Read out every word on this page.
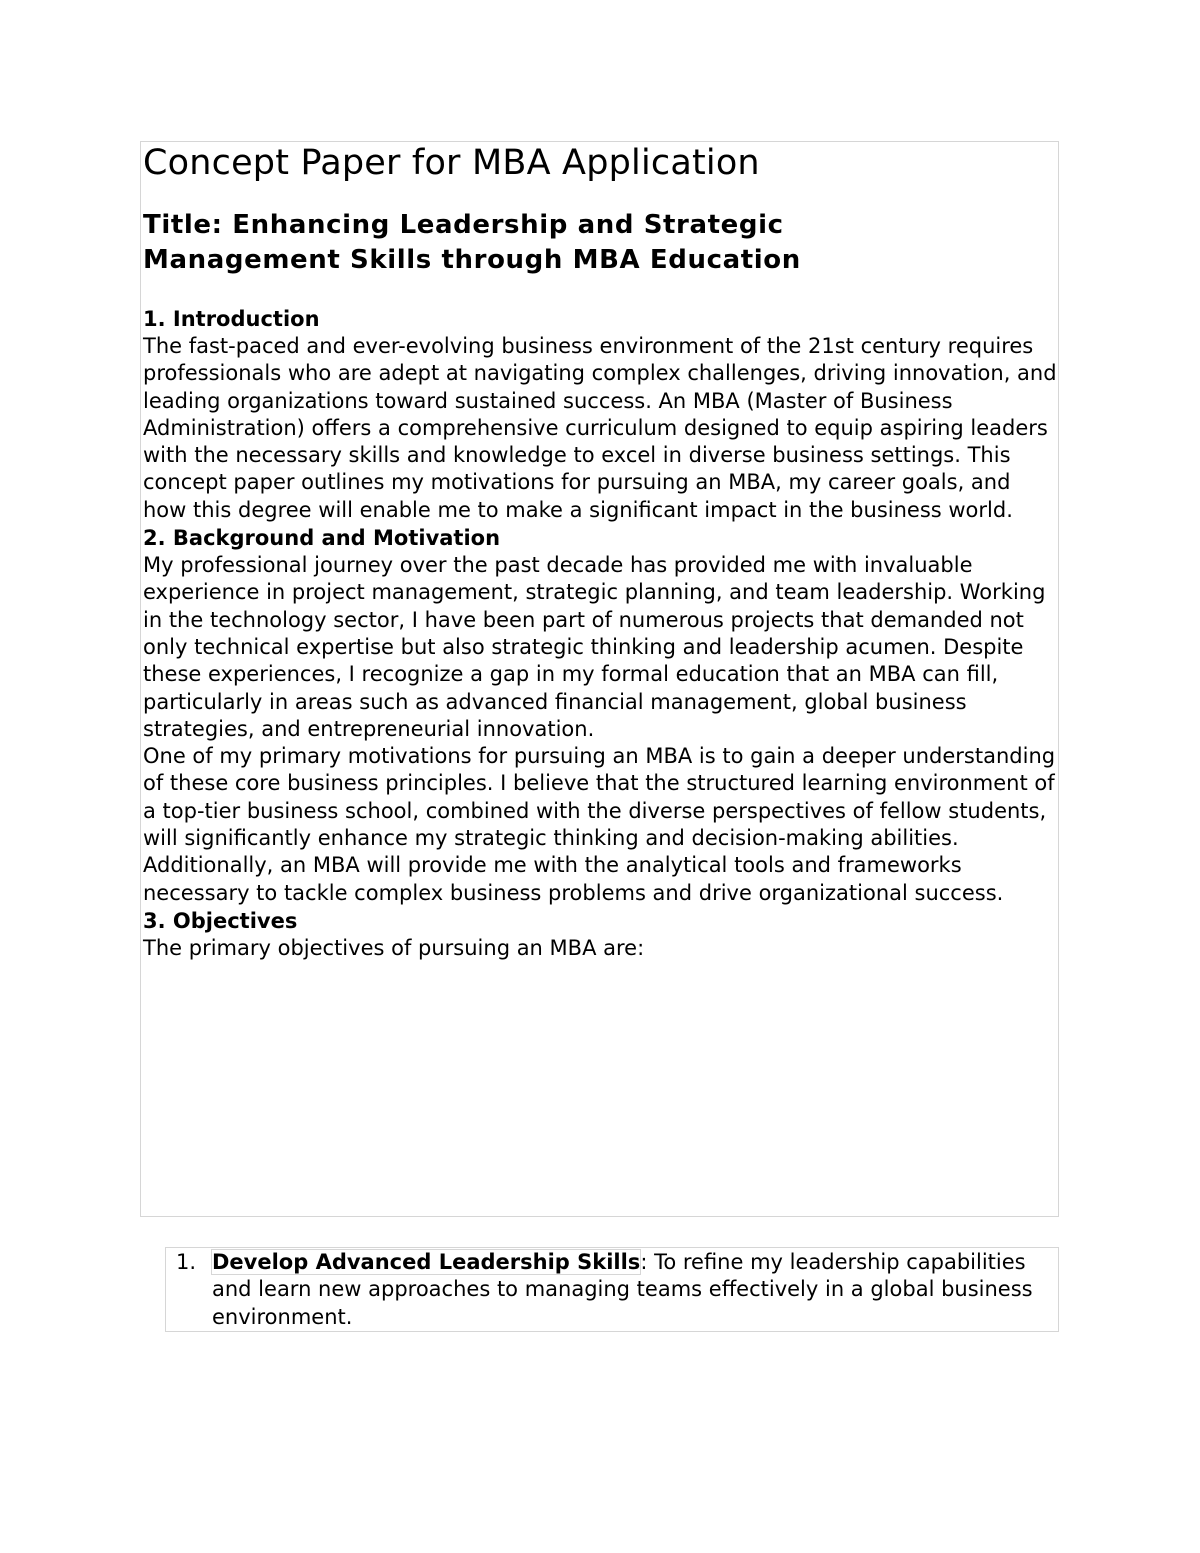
Concept Paper for MBA Application
Title: Enhancing Leadership and Strategic
Management Skills through MBA Education
1. Introduction

The fast-paced and ever-evolving business environment of the 21st century requires professionals who are adept at navigating complex challenges, driving innovation, and leading organizations toward sustained success. An MBA (Master of Business Administration) offers a comprehensive curriculum designed to equip aspiring leaders with the necessary skills and knowledge to excel in diverse business settings. This concept paper outlines my motivations for pursuing an MBA, my career goals, and how this degree will enable me to make a significant impact in the business world.

2. Background and Motivation

My professional journey over the past decade has provided me with invaluable experience in project management, strategic planning, and team leadership. Working in the technology sector, I have been part of numerous projects that demanded not only technical expertise but also strategic thinking and leadership acumen. Despite these experiences, I recognize a gap in my formal education that an MBA can fill, particularly in areas such as advanced financial management, global business strategies, and entrepreneurial innovation.

One of my primary motivations for pursuing an MBA is to gain a deeper understanding of these core business principles. I believe that the structured learning environment of a top-tier business school, combined with the diverse perspectives of fellow students, will significantly enhance my strategic thinking and decision-making abilities. Additionally, an MBA will provide me with the analytical tools and frameworks necessary to tackle complex business problems and drive organizational success.

3. Objectives

The primary objectives of pursuing an MBA are:

1. Develop Advanced Leadership Skills: To refine my leadership capabilities and learn new approaches to managing teams effectively in a global business environment.
